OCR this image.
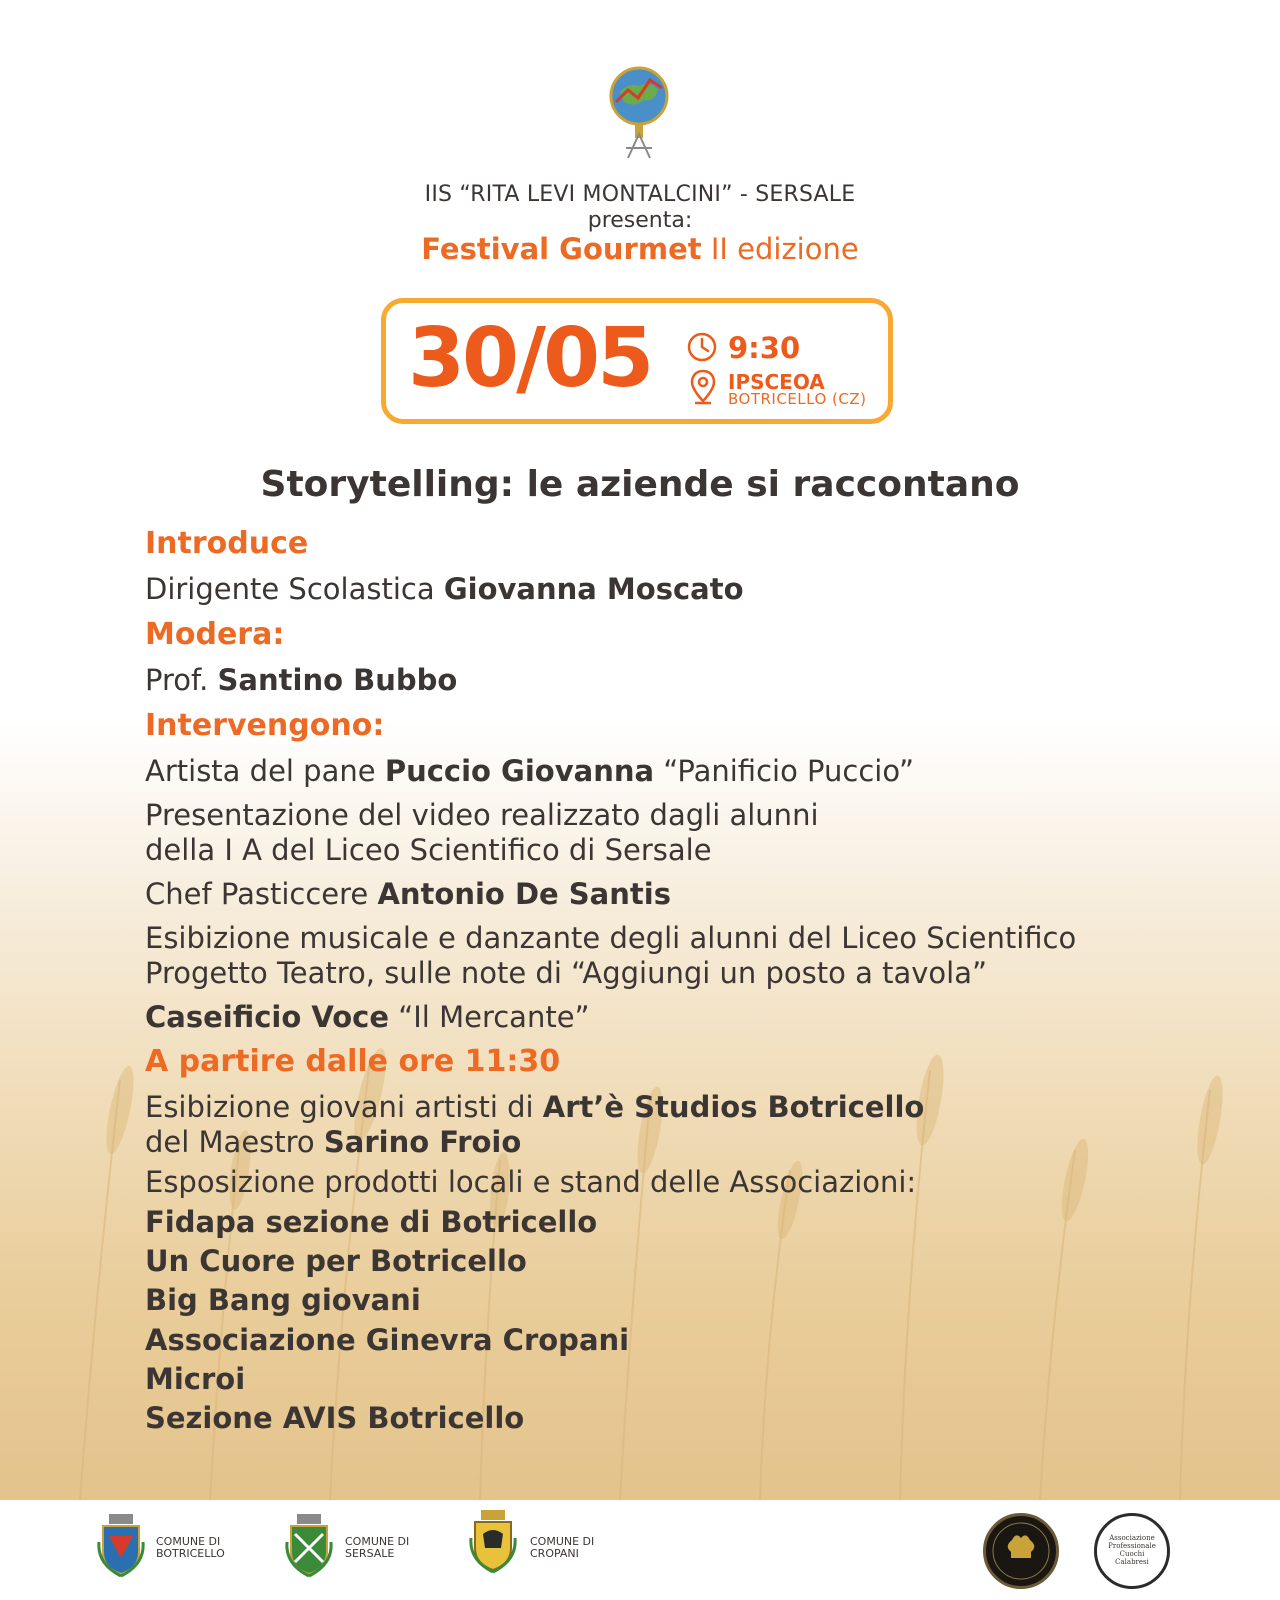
IIS “RITA LEVI MONTALCINI” - SERSALE
presenta:
Festival Gourmet II edizione
30/05	9:30
IPSCEOA
BOTRICELLO (CZ)
Storytelling: le aziende si raccontano
Introduce
Dirigente Scolastica Giovanna Moscato
Modera:
Prof. Santino Bubbo
Intervengono:
Artista del pane Puccio Giovanna “Panificio Puccio”
Presentazione del video realizzato dagli alunni
della I A del Liceo Scientifico di Sersale
Chef Pasticcere Antonio De Santis
Esibizione musicale e danzante degli alunni del Liceo Scientifico
Progetto Teatro, sulle note di “Aggiungi un posto a tavola”
Caseificio Voce “Il Mercante”
A partire dalle ore 11:30
Esibizione giovani artisti di Art’è Studios Botricello
del Maestro Sarino Froio
Esposizione prodotti locali e stand delle Associazioni:
Fidapa sezione di Botricello
Un Cuore per Botricello
Big Bang giovani
Associazione Ginevra Cropani
Microi
Sezione AVIS Botricello
COMUNE DI
BOTRICELLO
COMUNE DI
SERSALE
COMUNE DI
CROPANI
Associazione
Professionale
Cuochi
Calabresi
